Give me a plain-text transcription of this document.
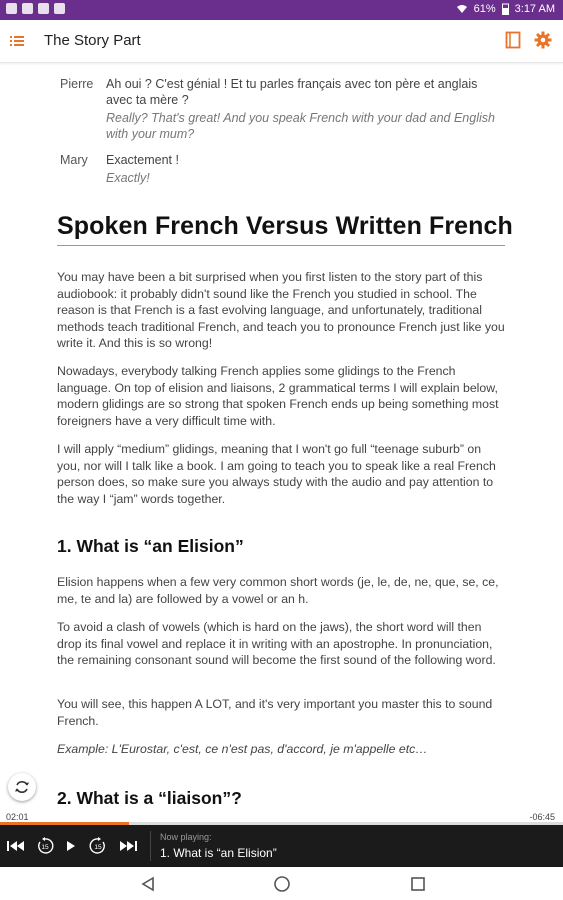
61% 3:17 AM
The Story Part
Pierre Ah oui ? C'est génial ! Et tu parles français avec ton père et anglais avec ta mère ?
Really? That's great! And you speak French with your dad and English with your mum?
Mary Exactement !
Exactly!
Spoken French Versus Written French

You may have been a bit surprised when you first listen to the story part of this audiobook: it probably didn't sound like the French you studied in school. The reason is that French is a fast evolving language, and unfortunately, traditional methods teach traditional French, and teach you to pronounce French just like you write it. And this is so wrong!

Nowadays, everybody talking French applies some glidings to the French language. On top of elision and liaisons, 2 grammatical terms I will explain below, modern glidings are so strong that spoken French ends up being something most foreigners have a very difficult time with.

I will apply “medium” glidings, meaning that I won't go full “teenage suburb” on you, nor will I talk like a book. I am going to teach you to speak like a real French person does, so make sure you always study with the audio and pay attention to the way I “jam” words together.

1. What is “an Elision”

Elision happens when a few very common short words (je, le, de, ne, que, se, ce, me, te and la) are followed by a vowel or an h.

To avoid a clash of vowels (which is hard on the jaws), the short word will then drop its final vowel and replace it in writing with an apostrophe. In pronunciation, the remaining consonant sound will become the first sound of the following word.

You will see, this happen A LOT, and it's very important you master this to sound French.

Example: L'Eurostar, c'est, ce n'est pas, d'accord, je m'appelle etc…

2. What is a “liaison”?
02:01	-06:45
15	15
Now playing:
1. What is “an Elision”
